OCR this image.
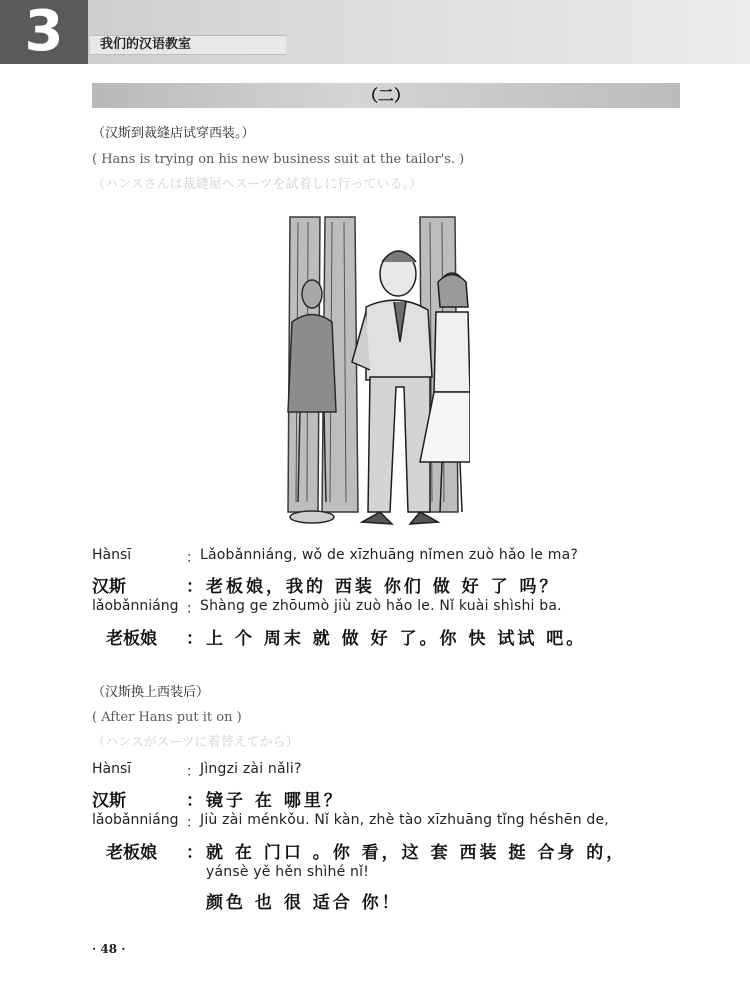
3	我们的汉语教室
（二）
（汉斯到裁缝店试穿西装。）
( Hans is trying on his new business suit at the tailor's. )
（ハンスさんは裁縫屋へスーツを試着しに行っている。）
Hànsī	： Lǎobǎnniáng, wǒ de xīzhuāng nǐmen zuò hǎo le ma?
汉斯	： 老板娘，我的 西装 你们 做 好 了 吗？
lǎobǎnniáng ： Shàng ge zhōumò jiù zuò hǎo le. Nǐ kuài shìshi ba.
老板娘 ： 上 个 周末 就 做 好 了。你 快 试试 吧。
（汉斯换上西装后）
( After Hans put it on )
（ハンスがスーツに着替えてから）
Hànsī	： Jìngzi zài nǎli?
汉斯	： 镜子 在 哪里？
lǎobǎnniáng ： Jiù zài ménkǒu. Nǐ kàn, zhè tào xīzhuāng tǐng héshēn de,
老板娘 ： 就 在 门口 。你 看，这 套 西装 挺 合身 的，
yánsè yě hěn shìhé nǐ!
颜色 也 很 适合 你！
· 48 ·
